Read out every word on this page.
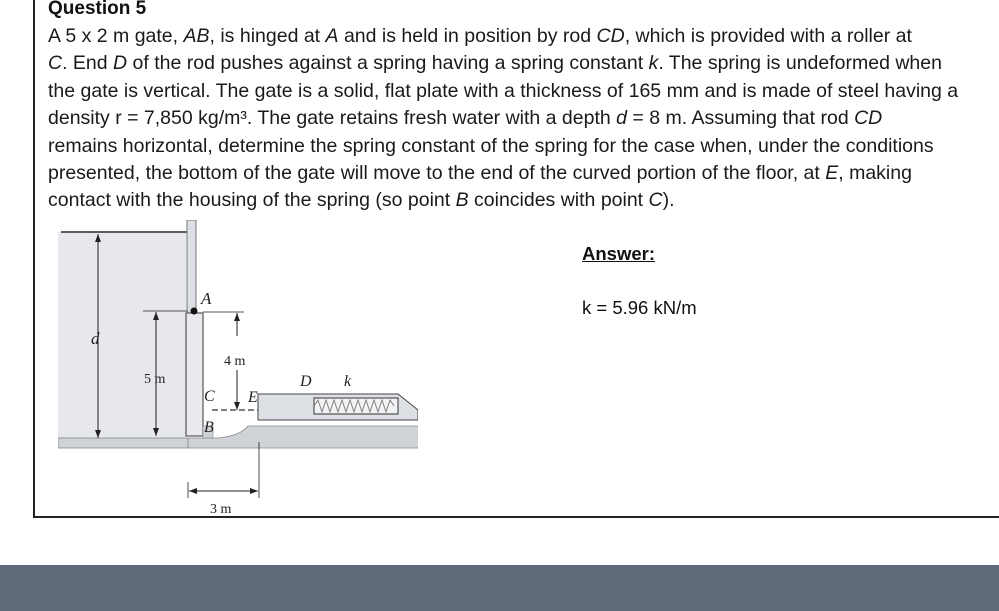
Question 5
A 5 x 2 m gate, AB, is hinged at A and is held in position by rod CD, which is provided with a roller at
C. End D of the rod pushes against a spring having a spring constant k. The spring is undeformed when
the gate is vertical. The gate is a solid, flat plate with a thickness of 165 mm and is made of steel having a
density r = 7,850 kg/m³. The gate retains fresh water with a depth d = 8 m. Assuming that rod CD
remains horizontal, determine the spring constant of the spring for the case when, under the conditions
presented, the bottom of the gate will move to the end of the curved portion of the floor, at E, making
contact with the housing of the spring (so point B coincides with point C).
d
5 m
4 m
3 m
A
C
B
E
D k
Answer:
k = 5.96 kN/m
